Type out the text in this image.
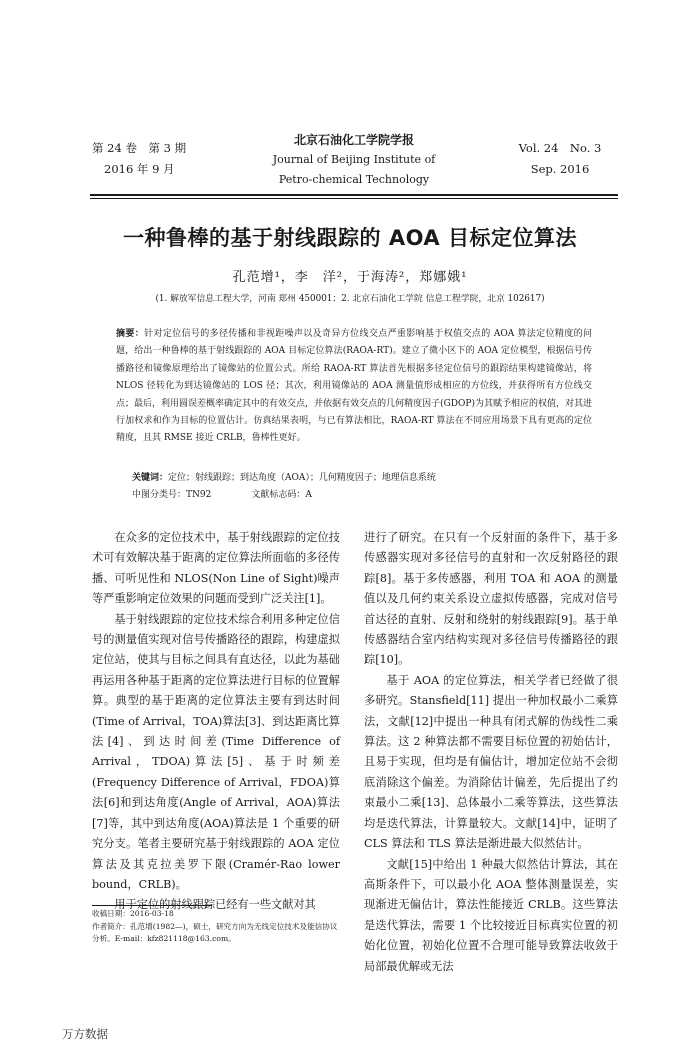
第 24 卷　第 3 期
2016 年 9 月
北京石油化工学院学报
Journal of Beijing Institute of
Petro-chemical Technology
Vol. 24　No. 3
Sep. 2016
一种鲁棒的基于射线跟踪的 AOA 目标定位算法
孔范增¹，李　洋²，于海涛²，郑娜娥¹
(1. 解放军信息工程大学，河南 郑州 450001；2. 北京石油化工学院 信息工程学院，北京 102617)
摘要：针对定位信号的多径传播和非视距噪声以及奇异方位线交点严重影响基于权值交点的 AOA 算法定位精度的问题，给出一种鲁棒的基于射线跟踪的 AOA 目标定位算法(RAOA-RT)。建立了微小区下的 AOA 定位模型，根据信号传播路径和镜像原理给出了镜像站的位置公式。所给 RAOA-RT 算法首先根据多径定位信号的跟踪结果构建镜像站，将 NLOS 径转化为到达镜像站的 LOS 径；其次，利用镜像站的 AOA 测量值形成相应的方位线，并获得所有方位线交点；最后，利用圆误差概率确定其中的有效交点，并依据有效交点的几何精度因子(GDOP)为其赋予相应的权值，对其进行加权求和作为目标的位置估计。仿真结果表明，与已有算法相比，RAOA-RT 算法在不同应用场景下具有更高的定位精度，且其 RMSE 接近 CRLB，鲁棒性更好。
关键词：定位；射线跟踪；到达角度（AOA）；几何精度因子；地理信息系统
中图分类号：TN92	文献标志码：A

在众多的定位技术中，基于射线跟踪的定位技术可有效解决基于距离的定位算法所面临的多径传播、可听见性和 NLOS(Non Line of Sight)噪声等严重影响定位效果的问题而受到广泛关注[1]。

基于射线跟踪的定位技术综合利用多种定位信号的测量值实现对信号传播路径的跟踪，构建虚拟定位站，使其与目标之间具有直达径，以此为基础再运用各种基于距离的定位算法进行目标的位置解算。典型的基于距离的定位算法主要有到达时间(Time of Arrival，TOA)算法[3]、到达距离比算法[4]、到达时间差(Time Difference of Arrival，TDOA)算法[5]、基于时频差(Frequency Difference of Arrival，FDOA)算法[6]和到达角度(Angle of Arrival，AOA)算法[7]等，其中到达角度(AOA)算法是 1 个重要的研究分支。笔者主要研究基于射线跟踪的 AOA 定位算法及其克拉美罗下限(Cramér-Rao lower bound，CRLB)。

用于定位的射线跟踪已经有一些文献对其

进行了研究。在只有一个反射面的条件下，基于多传感器实现对多径信号的直射和一次反射路径的跟踪[8]。基于多传感器，利用 TOA 和 AOA 的测量值以及几何约束关系设立虚拟传感器，完成对信号首达径的直射、反射和绕射的射线跟踪[9]。基于单传感器结合室内结构实现对多径信号传播路径的跟踪[10]。

基于 AOA 的定位算法，相关学者已经做了很多研究。Stansfield[11] 提出一种加权最小二乘算法，文献[12]中提出一种具有闭式解的伪线性二乘算法。这 2 种算法都不需要目标位置的初始估计，且易于实现，但均是有偏估计，增加定位站不会彻底消除这个偏差。为消除估计偏差，先后提出了约束最小二乘[13]、总体最小二乘等算法，这些算法均是迭代算法，计算量较大。文献[14]中，证明了 CLS 算法和 TLS 算法是渐进最大似然估计。

文献[15]中给出 1 种最大似然估计算法，其在高斯条件下，可以最小化 AOA 整体测量误差，实现渐进无偏估计，算法性能接近 CRLB。这些算法是迭代算法，需要 1 个比较接近目标真实位置的初始化位置，初始化位置不合理可能导致算法收敛于局部最优解或无法

收稿日期：2016-03-18
作者简介：孔范增(1982—)，硕士，研究方向为无线定位技术及能信协议分析。E-mail：kfz821118@163.com。
万方数据
